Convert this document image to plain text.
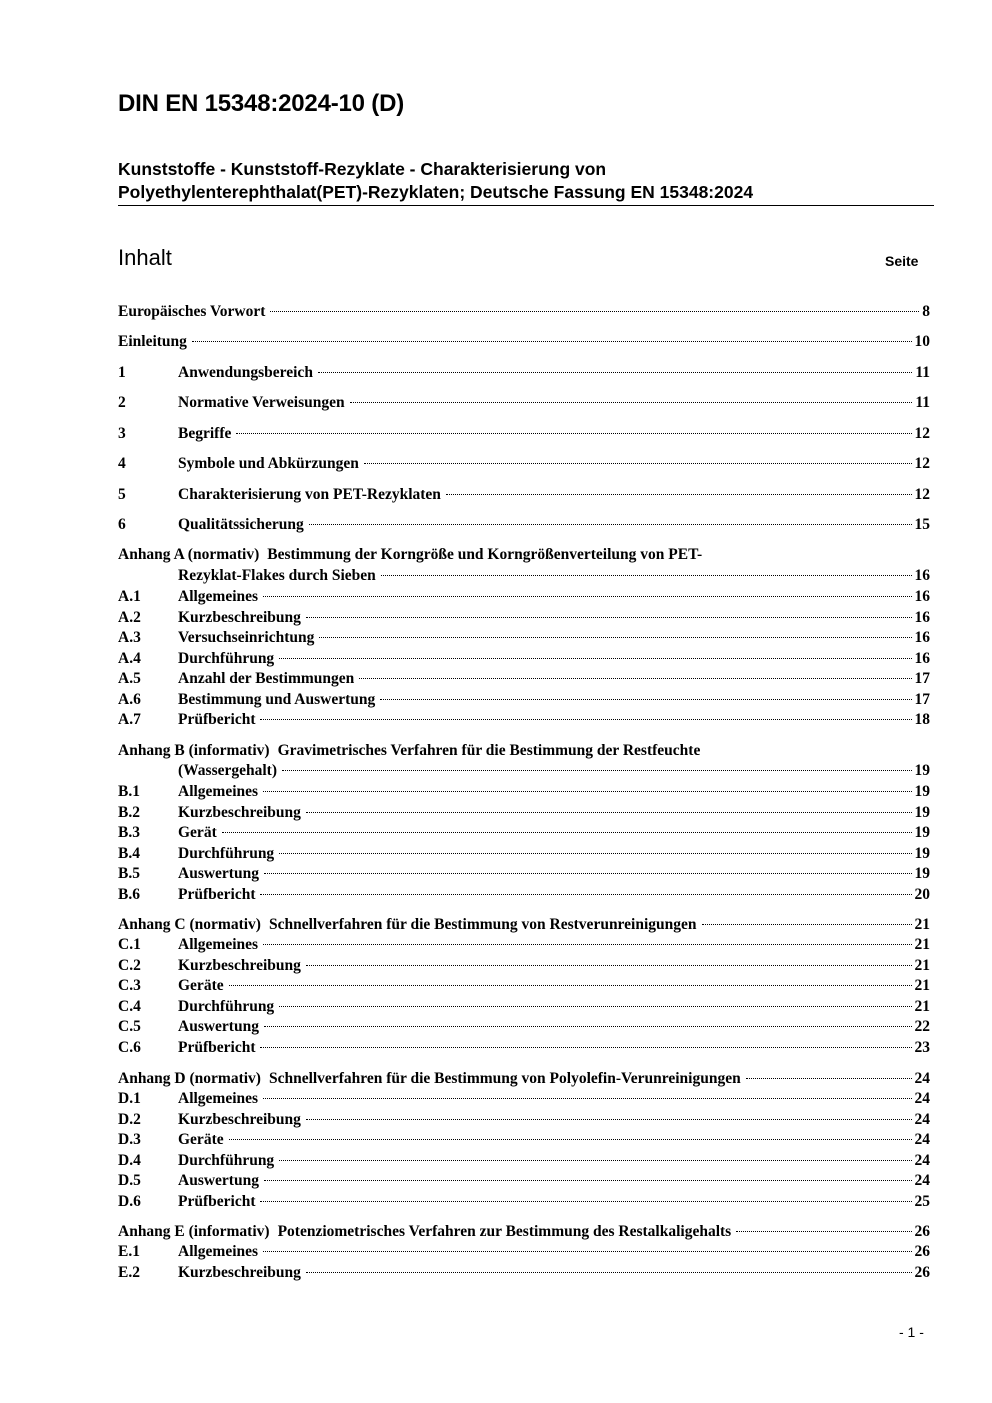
DIN EN 15348:2024-10 (D)
Kunststoffe - Kunststoff-Rezyklate - Charakterisierung von
Polyethylenterephthalat(PET)-Rezyklaten; Deutsche Fassung EN 15348:2024
Inhalt	Seite
Europäisches Vorwort	8
Einleitung	10
1	Anwendungsbereich	11
2	Normative Verweisungen	11
3	Begriffe	12
4	Symbole und Abkürzungen	12
5	Charakterisierung von PET-Rezyklaten	12
6	Qualitätssicherung	15
Anhang A (normativ) Bestimmung der Korngröße und Korngrößenverteilung von PET-
Rezyklat-Flakes durch Sieben	16
A.1	Allgemeines	16
A.2	Kurzbeschreibung	16
A.3	Versuchseinrichtung	16
A.4	Durchführung	16
A.5	Anzahl der Bestimmungen	17
A.6	Bestimmung und Auswertung	17
A.7	Prüfbericht	18
Anhang B (informativ) Gravimetrisches Verfahren für die Bestimmung der Restfeuchte
(Wassergehalt)	19
B.1	Allgemeines	19
B.2	Kurzbeschreibung	19
B.3	Gerät	19
B.4	Durchführung	19
B.5	Auswertung	19
B.6	Prüfbericht	20
Anhang C (normativ) Schnellverfahren für die Bestimmung von Restverunreinigungen	21
C.1	Allgemeines	21
C.2	Kurzbeschreibung	21
C.3	Geräte	21
C.4	Durchführung	21
C.5	Auswertung	22
C.6	Prüfbericht	23
Anhang D (normativ) Schnellverfahren für die Bestimmung von Polyolefin-Verunreinigungen	24
D.1	Allgemeines	24
D.2	Kurzbeschreibung	24
D.3	Geräte	24
D.4	Durchführung	24
D.5	Auswertung	24
D.6	Prüfbericht	25
Anhang E (informativ) Potenziometrisches Verfahren zur Bestimmung des Restalkaligehalts	26
E.1	Allgemeines	26
E.2	Kurzbeschreibung	26
- 1 -
